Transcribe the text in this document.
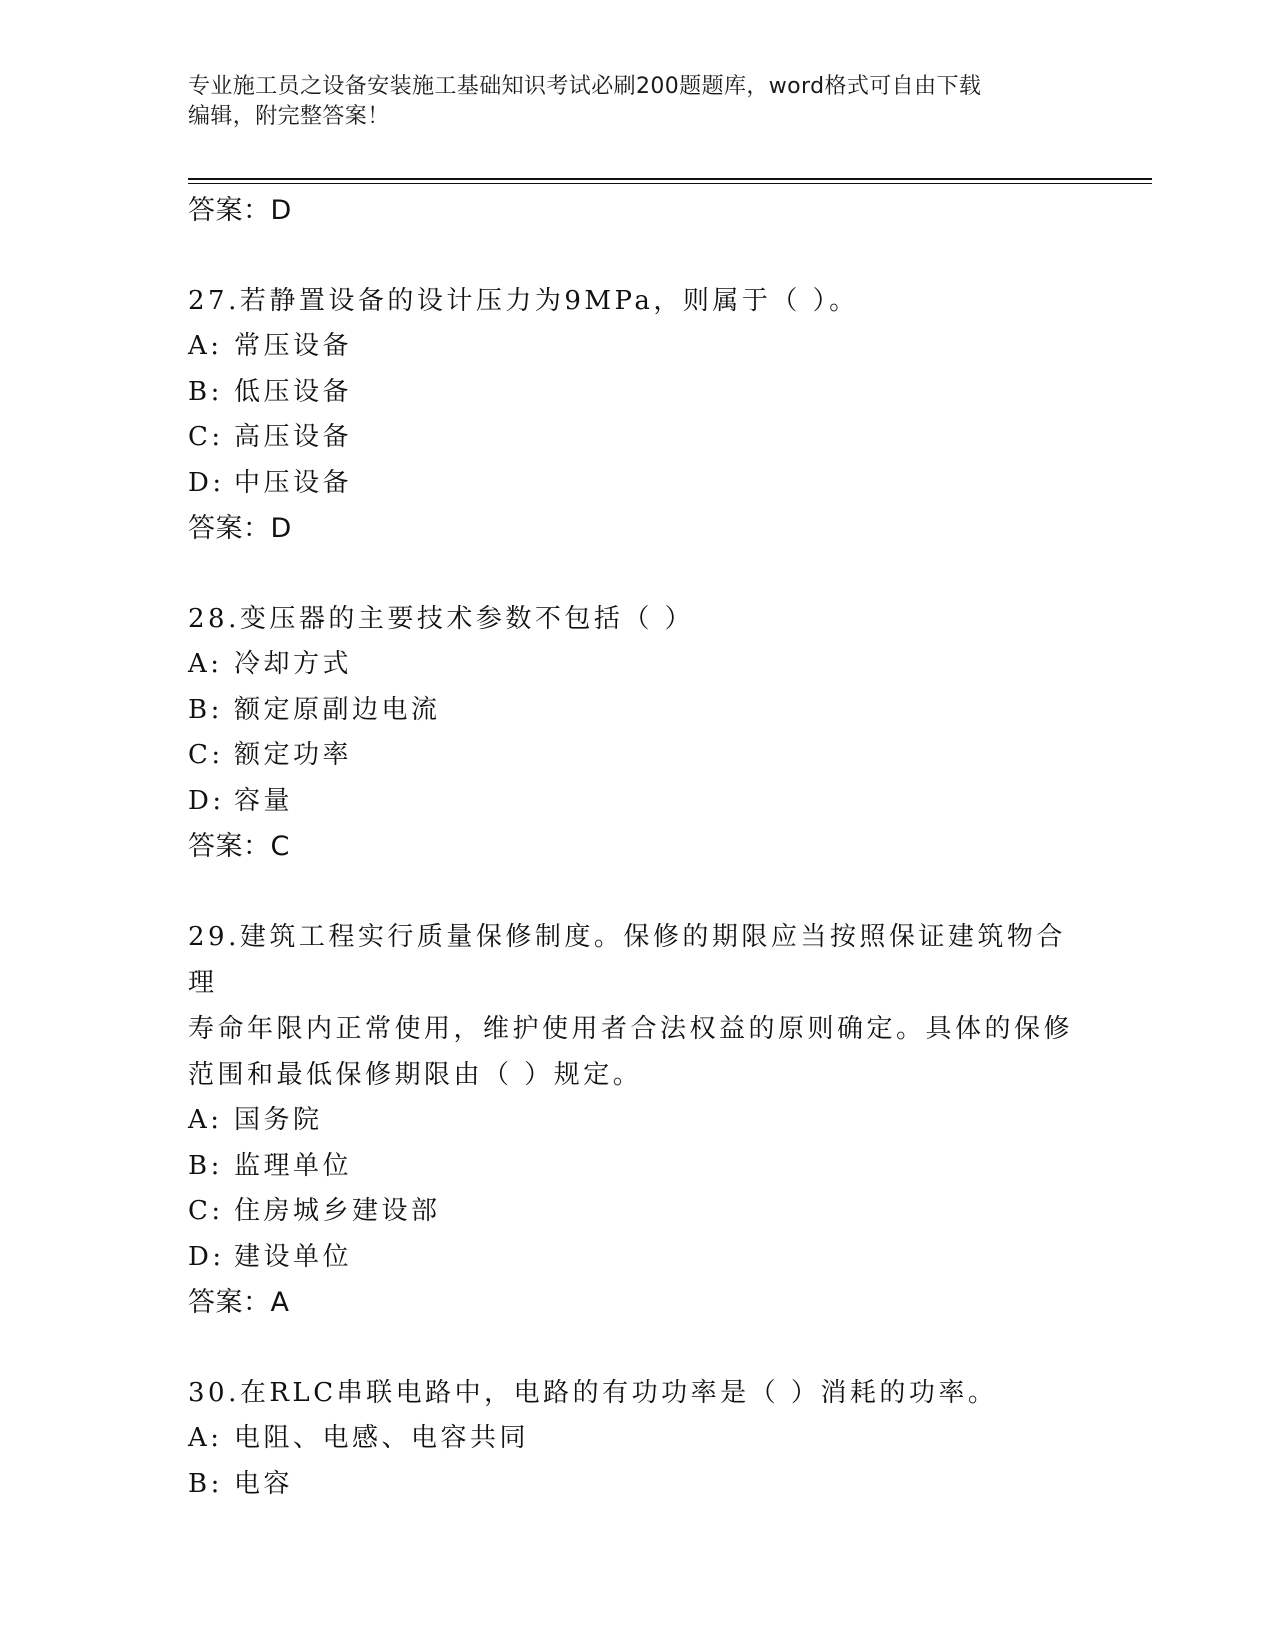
专业施工员之设备安装施工基础知识考试必刷200题题库，word格式可自由下载
编辑，附完整答案！
答案：D
27.若静置设备的设计压力为9MPa，则属于（ ）。
A: 常压设备
B: 低压设备
C: 高压设备
D: 中压设备
答案：D
28.变压器的主要技术参数不包括（ ）
A: 冷却方式
B: 额定原副边电流
C: 额定功率
D: 容量
答案：C
29.建筑工程实行质量保修制度。保修的期限应当按照保证建筑物合理
寿命年限内正常使用，维护使用者合法权益的原则确定。具体的保修
范围和最低保修期限由（ ）规定。
A: 国务院
B: 监理单位
C: 住房城乡建设部
D: 建设单位
答案：A
30.在RLC串联电路中，电路的有功功率是（ ）消耗的功率。
A: 电阻、电感、电容共同
B: 电容
